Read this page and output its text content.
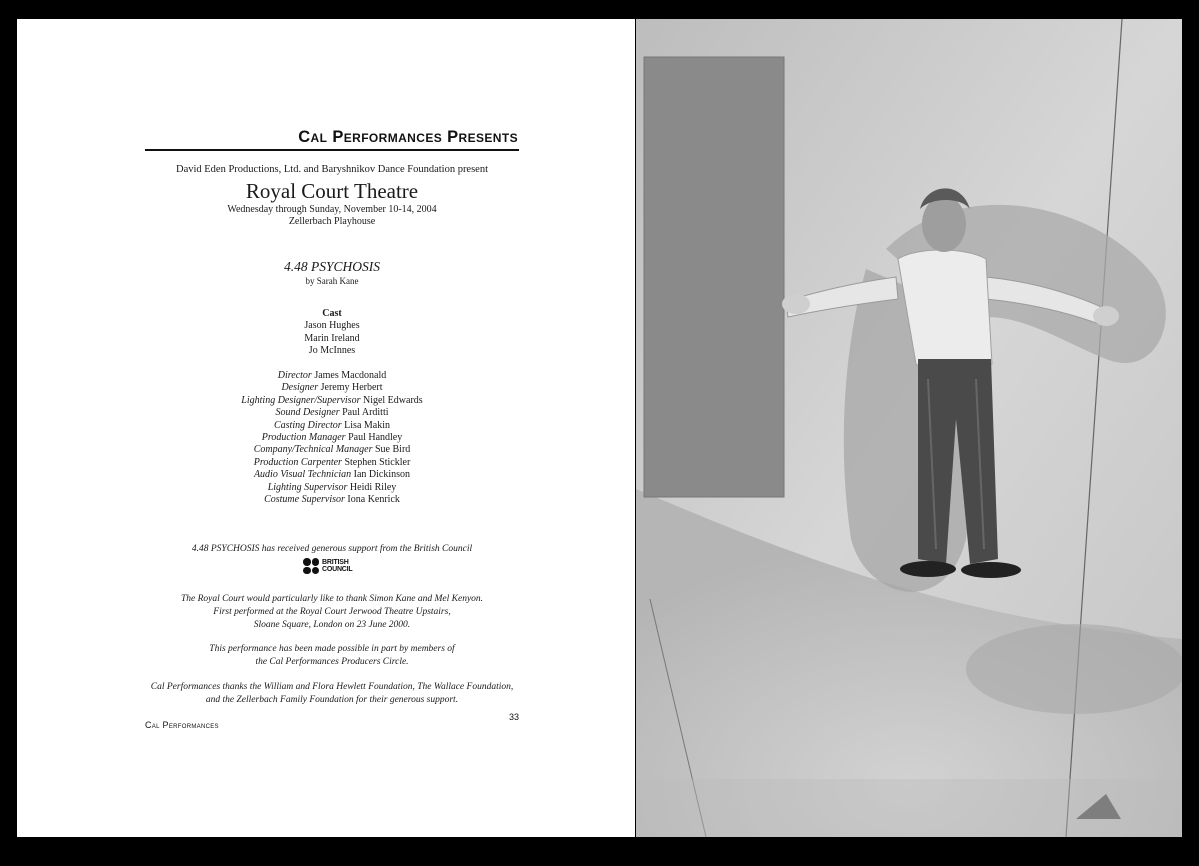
Cal Performances Presents
David Eden Productions, Ltd. and Baryshnikov Dance Foundation present
Royal Court Theatre
Wednesday through Sunday, November 10-14, 2004
Zellerbach Playhouse
4.48 PSYCHOSIS
by Sarah Kane
Cast
Jason Hughes
Marin Ireland
Jo McInnes
Director James Macdonald
Designer Jeremy Herbert
Lighting Designer/Supervisor Nigel Edwards
Sound Designer Paul Arditti
Casting Director Lisa Makin
Production Manager Paul Handley
Company/Technical Manager Sue Bird
Production Carpenter Stephen Stickler
Audio Visual Technician Ian Dickinson
Lighting Supervisor Heidi Riley
Costume Supervisor Iona Kenrick
4.48 PSYCHOSIS has received generous support from the British Council
BRITISH
COUNCIL
The Royal Court would particularly like to thank Simon Kane and Mel Kenyon.
First performed at the Royal Court Jerwood Theatre Upstairs,
Sloane Square, London on 23 June 2000.
This performance has been made possible in part by members of
the Cal Performances Producers Circle.
Cal Performances thanks the William and Flora Hewlett Foundation, The Wallace Foundation,
and the Zellerbach Family Foundation for their generous support.
33
Cal Performances
